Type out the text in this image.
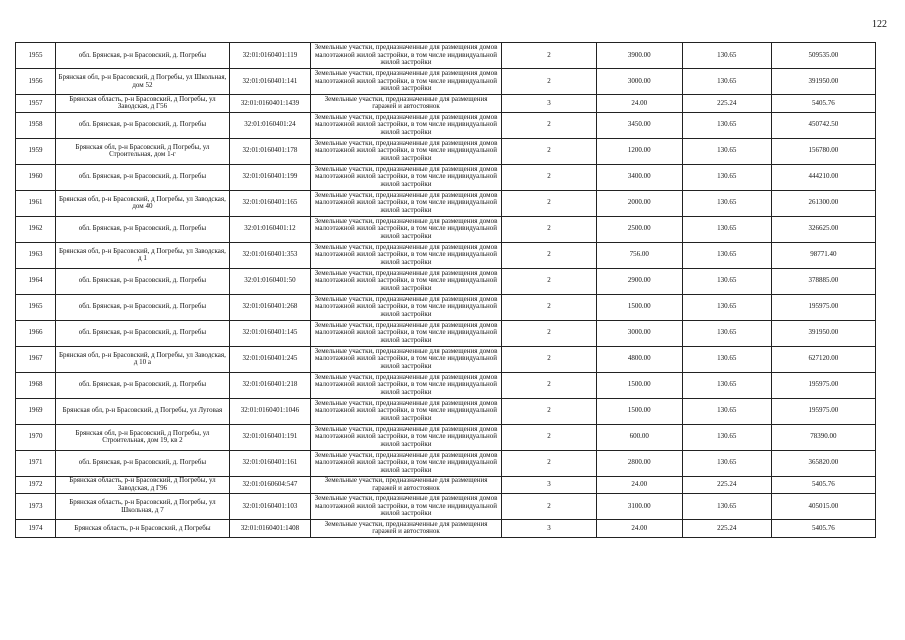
122
1955	обл. Брянская, р-н Брасовский, д. Погребы	32:01:0160401:119	Земельные участки, предназначенные для размещения домов малоэтажной жилой застройки, в том числе индивидуальной жилой застройки	2	3900.00	130.65	509535.00
1956	Брянская обл, р-н Брасовский, д Погребы, ул Школьная, дом 52	32:01:0160401:141	Земельные участки, предназначенные для размещения домов малоэтажной жилой застройки, в том числе индивидуальной жилой застройки	2	3000.00	130.65	391950.00
1957	Брянская область, р-н Брасовский, д Погребы, ул Заводская, д Г56	32:01:0160401:1439	Земельные участки, предназначенные для размещения гаражей и автостоянок	3	24.00	225.24	5405.76
1958	обл. Брянская, р-н Брасовский, д. Погребы	32:01:0160401:24	Земельные участки, предназначенные для размещения домов малоэтажной жилой застройки, в том числе индивидуальной жилой застройки	2	3450.00	130.65	450742.50
1959	Брянская обл, р-н Брасовский, д Погребы, ул Строительная, дом 1-г	32:01:0160401:178	Земельные участки, предназначенные для размещения домов малоэтажной жилой застройки, в том числе индивидуальной жилой застройки	2	1200.00	130.65	156780.00
1960	обл. Брянская, р-н Брасовский, д. Погребы	32:01:0160401:199	Земельные участки, предназначенные для размещения домов малоэтажной жилой застройки, в том числе индивидуальной жилой застройки	2	3400.00	130.65	444210.00
1961	Брянская обл, р-н Брасовский, д Погребы, ул Заводская, дом 40	32:01:0160401:165	Земельные участки, предназначенные для размещения домов малоэтажной жилой застройки, в том числе индивидуальной жилой застройки	2	2000.00	130.65	261300.00
1962	обл. Брянская, р-н Брасовский, д. Погребы	32:01:0160401:12	Земельные участки, предназначенные для размещения домов малоэтажной жилой застройки, в том числе индивидуальной жилой застройки	2	2500.00	130.65	326625.00
1963	Брянская обл, р-н Брасовский, д Погребы, ул Заводская, д 1	32:01:0160401:353	Земельные участки, предназначенные для размещения домов малоэтажной жилой застройки, в том числе индивидуальной жилой застройки	2	756.00	130.65	98771.40
1964	обл. Брянская, р-н Брасовский, д. Погребы	32:01:0160401:50	Земельные участки, предназначенные для размещения домов малоэтажной жилой застройки, в том числе индивидуальной жилой застройки	2	2900.00	130.65	378885.00
1965	обл. Брянская, р-н Брасовский, д. Погребы	32:01:0160401:268	Земельные участки, предназначенные для размещения домов малоэтажной жилой застройки, в том числе индивидуальной жилой застройки	2	1500.00	130.65	195975.00
1966	обл. Брянская, р-н Брасовский, д. Погребы	32:01:0160401:145	Земельные участки, предназначенные для размещения домов малоэтажной жилой застройки, в том числе индивидуальной жилой застройки	2	3000.00	130.65	391950.00
1967	Брянская обл, р-н Брасовский, д Погребы, ул Заводская, д 10 а	32:01:0160401:245	Земельные участки, предназначенные для размещения домов малоэтажной жилой застройки, в том числе индивидуальной жилой застройки	2	4800.00	130.65	627120.00
1968	обл. Брянская, р-н Брасовский, д. Погребы	32:01:0160401:218	Земельные участки, предназначенные для размещения домов малоэтажной жилой застройки, в том числе индивидуальной жилой застройки	2	1500.00	130.65	195975.00
1969	Брянская обл, р-н Брасовский, д Погребы, ул Луговая	32:01:0160401:1046	Земельные участки, предназначенные для размещения домов малоэтажной жилой застройки, в том числе индивидуальной жилой застройки	2	1500.00	130.65	195975.00
1970	Брянская обл, р-н Брасовский, д Погребы, ул Строительная, дом 19, кв 2	32:01:0160401:191	Земельные участки, предназначенные для размещения домов малоэтажной жилой застройки, в том числе индивидуальной жилой застройки	2	600.00	130.65	78390.00
1971	обл. Брянская, р-н Брасовский, д. Погребы	32:01:0160401:161	Земельные участки, предназначенные для размещения домов малоэтажной жилой застройки, в том числе индивидуальной жилой застройки	2	2800.00	130.65	365820.00
1972	Брянская область, р-н Брасовский, д Погребы, ул Заводская, д Г96	32:01:0160604:547	Земельные участки, предназначенные для размещения гаражей и автостоянок	3	24.00	225.24	5405.76
1973	Брянская область, р-н Брасовский, д Погребы, ул Школьная, д 7	32:01:0160401:103	Земельные участки, предназначенные для размещения домов малоэтажной жилой застройки, в том числе индивидуальной жилой застройки	2	3100.00	130.65	405015.00
1974	Брянская область, р-н Брасовский, д Погребы	32:01:0160401:1408	Земельные участки, предназначенные для размещения гаражей и автостоянок	3	24.00	225.24	5405.76
